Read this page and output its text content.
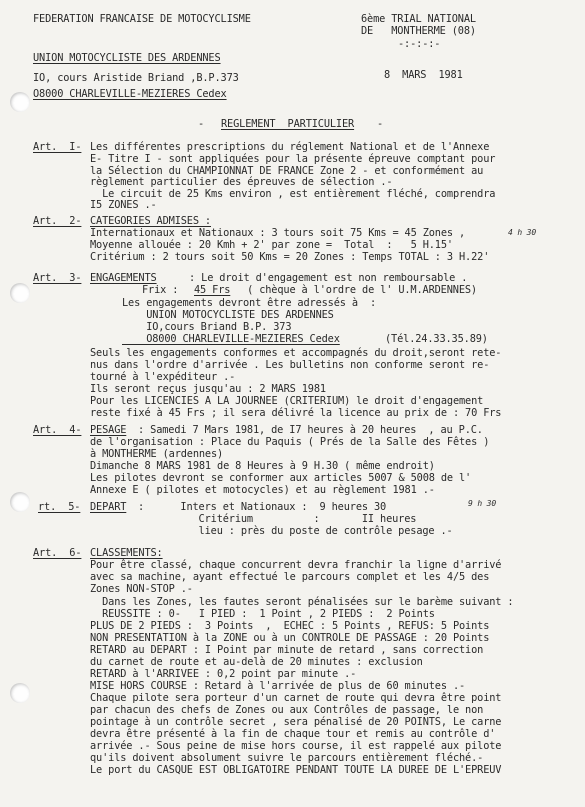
FEDERATION FRANCAISE DE MOTOCYCLISME	6ème TRIAL NATIONAL
DE   MONTHERME (08)
-:-:-:-
UNION MOTOCYCLISTE DES ARDENNES
IO, cours Aristide Briand ,B.P.373	8  MARS  1981
O8000 CHARLEVILLE-MEZIERES Cedex
- REGLEMENT  PARTICULIER -
Art.  I- Les différentes prescriptions du réglement National et de l'Annexe
E- Titre I - sont appliquées pour la présente épreuve comptant pour
la Sélection du CHAMPIONNAT DE FRANCE Zone 2 - et conformément au
règlement particulier des épreuves de sélection .-
Le circuit de 25 Kms environ , est entièrement fléché, comprendra
I5 ZONES .-
Art.  2- CATEGORIES ADMISES :
Internationaux et Nationaux : 3 tours soit 75 Kms = 45 Zones ,	4 h 30
Moyenne allouée : 20 Kmh + 2' par zone =  Total  :   5 H.15'
Critérium : 2 tours soit 50 Kms = 20 Zones : Temps TOTAL : 3 H.22'
Art.  3- ENGAGEMENTS	: Le droit d'engagement est non remboursable .
Frix : 45 Frs ( chèque à l'ordre de l' U.M.ARDENNES)
Les engagements devront être adressés à  :
UNION MOTOCYCLISTE DES ARDENNES
IO,cours Briand B.P. 373
O8000 CHARLEVILLE-MEZIERES Cedex	(Tél.24.33.35.89)
Seuls les engagements conformes et accompagnés du droit,seront rete-
nus dans l'ordre d'arrivée . Les bulletins non conforme seront re-
tourné à l'expéditeur .-
Ils seront reçus jusqu'au : 2 MARS 1981
Pour les LICENCIES A LA JOURNEE (CRITERIUM) le droit d'engagement
reste fixé à 45 Frs ; il sera délivré la licence au prix de : 70 Frs
Art.  4- PESAGE : Samedi 7 Mars 1981, de I7 heures à 20 heures  , au P.C.
de l'organisation : Place du Paquis ( Prés de la Salle des Fêtes )
à MONTHERME (ardennes)
Dimanche 8 MARS 1981 de 8 Heures à 9 H.30 ( même endroit)
Les pilotes devront se conformer aux articles 5007 & 5008 de l'
Annexe E ( pilotes et motocycles) et au règlement 1981 .-
rt.  5- DEPART :      Inters et Nationaux :  9 heures 30	9 h 30
Critérium          :       II heures
lieu : près du poste de contrôle pesage .-
Art.  6- CLASSEMENTS:
Pour être classé, chaque concurrent devra franchir la ligne d'arrivé
avec sa machine, ayant effectué le parcours complet et les 4/5 des
Zones NON-STOP .-
Dans les Zones, les fautes seront pénalisées sur le barème suivant :
REUSSITE : 0-   I PIED :  1 Point , 2 PIEDS :  2 Points
PLUS DE 2 PIEDS :  3 Points  ,  ECHEC : 5 Points , REFUS: 5 Points
NON PRESENTATION à la ZONE ou à un CONTROLE DE PASSAGE : 20 Points
RETARD au DEPART : I Point par minute de retard , sans correction
du carnet de route et au-delà de 20 minutes : exclusion
RETARD à l'ARRIVEE : 0,2 point par minute .-
MISE HORS COURSE : Retard à l'arrivée de plus de 60 minutes .-
Chaque pilote sera porteur d'un carnet de route qui devra être point
par chacun des chefs de Zones ou aux Contrôles de passage, le non
pointage à un contrôle secret , sera pénalisé de 20 POINTS, Le carne
devra être présenté à la fin de chaque tour et remis au contrôle d'
arrivée .- Sous peine de mise hors course, il est rappelé aux pilote
qu'ils doivent absolument suivre le parcours entièrement fléché.-
Le port du CASQUE EST OBLIGATOIRE PENDANT TOUTE LA DUREE DE L'EPREUV
